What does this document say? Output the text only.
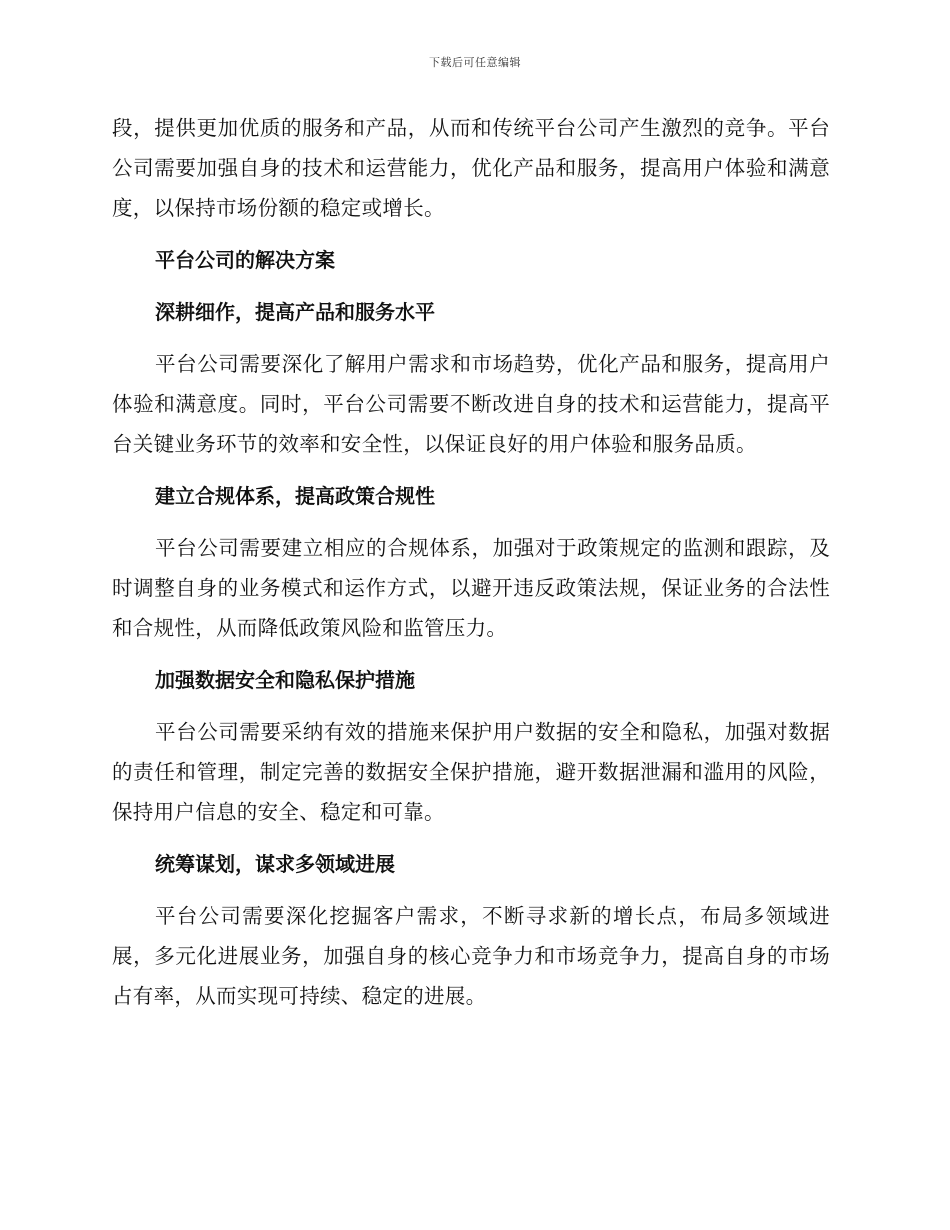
下载后可任意编辑

段，提供更加优质的服务和产品，从而和传统平台公司产生激烈的竞争。平台公司需要加强自身的技术和运营能力，优化产品和服务，提高用户体验和满意度，以保持市场份额的稳定或增长。

平台公司的解决方案

深耕细作，提高产品和服务水平

平台公司需要深化了解用户需求和市场趋势，优化产品和服务，提高用户体验和满意度。同时，平台公司需要不断改进自身的技术和运营能力，提高平台关键业务环节的效率和安全性，以保证良好的用户体验和服务品质。

建立合规体系，提高政策合规性

平台公司需要建立相应的合规体系，加强对于政策规定的监测和跟踪，及时调整自身的业务模式和运作方式，以避开违反政策法规，保证业务的合法性和合规性，从而降低政策风险和监管压力。

加强数据安全和隐私保护措施

平台公司需要采纳有效的措施来保护用户数据的安全和隐私，加强对数据的责任和管理，制定完善的数据安全保护措施，避开数据泄漏和滥用的风险，保持用户信息的安全、稳定和可靠。

统筹谋划，谋求多领域进展

平台公司需要深化挖掘客户需求，不断寻求新的增长点，布局多领域进展，多元化进展业务，加强自身的核心竞争力和市场竞争力，提高自身的市场占有率，从而实现可持续、稳定的进展。
